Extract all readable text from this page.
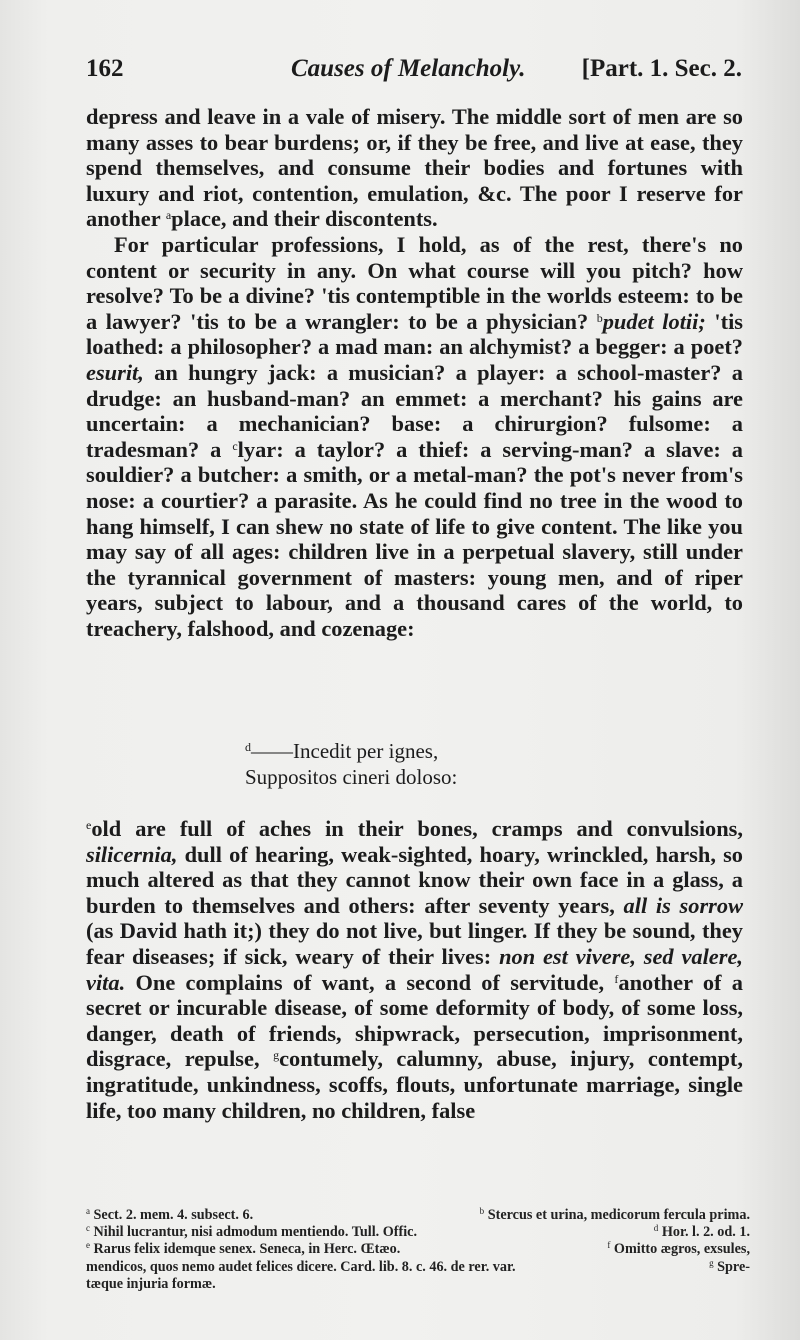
162	Causes of Melancholy. [Part. 1. Sec. 2.

depress and leave in a vale of misery. The middle sort of men are so many asses to bear burdens; or, if they be free, and live at ease, they spend themselves, and consume their bodies and fortunes with luxury and riot, contention, emulation, &c. The poor I reserve for another $^a$place, and their discontents.

For particular professions, I hold, as of the rest, there's no content or security in any. On what course will you pitch? how resolve? To be a divine? 'tis contemptible in the worlds esteem: to be a lawyer? 'tis to be a wrangler: to be a physician? $^b$pudet lotii; 'tis loathed: a philosopher? a mad man: an alchymist? a begger: a poet? esurit, an hungry jack: a musician? a player: a school-master? a drudge: an husband-man? an emmet: a merchant? his gains are uncertain: a mechanician? base: a chirurgion? fulsome: a tradesman? a $^c$lyar: a taylor? a thief: a serving-man? a slave: a souldier? a butcher: a smith, or a metal-man? the pot's never from's nose: a courtier? a parasite. As he could find no tree in the wood to hang himself, I can shew no state of life to give content. The like you may say of all ages: children live in a perpetual slavery, still under the tyrannical government of masters: young men, and of riper years, subject to labour, and a thousand cares of the world, to treachery, falshood, and cozenage:

$^d$——Incedit per ignes,
Suppositos cineri doloso:

$^e$old are full of aches in their bones, cramps and convulsions, silicernia, dull of hearing, weak-sighted, hoary, wrinckled, harsh, so much altered as that they cannot know their own face in a glass, a burden to themselves and others: after seventy years, all is sorrow (as David hath it;) they do not live, but linger. If they be sound, they fear diseases; if sick, weary of their lives: non est vivere, sed valere, vita. One complains of want, a second of servitude, $^f$another of a secret or incurable disease, of some deformity of body, of some loss, danger, death of friends, shipwrack, persecution, imprisonment, disgrace, repulse, $^g$contumely, calumny, abuse, injury, contempt, ingratitude, unkindness, scoffs, flouts, unfortunate marriage, single life, too many children, no children, false

$^a$ Sect. 2. mem. 4. subsect. 6.	$^b$ Stercus et urina, medicorum fercula prima.
$^c$ Nihil lucrantur, nisi admodum mentiendo. Tull. Offic.	$^d$ Hor. l. 2. od. 1.
$^e$ Rarus felix idemque senex. Seneca, in Herc. Œtæo.	$^f$ Omitto ægros, exsules,
mendicos, quos nemo audet felices dicere. Card. lib. 8. c. 46. de rer. var.	$^g$ Spre-
tæque injuria formæ.
